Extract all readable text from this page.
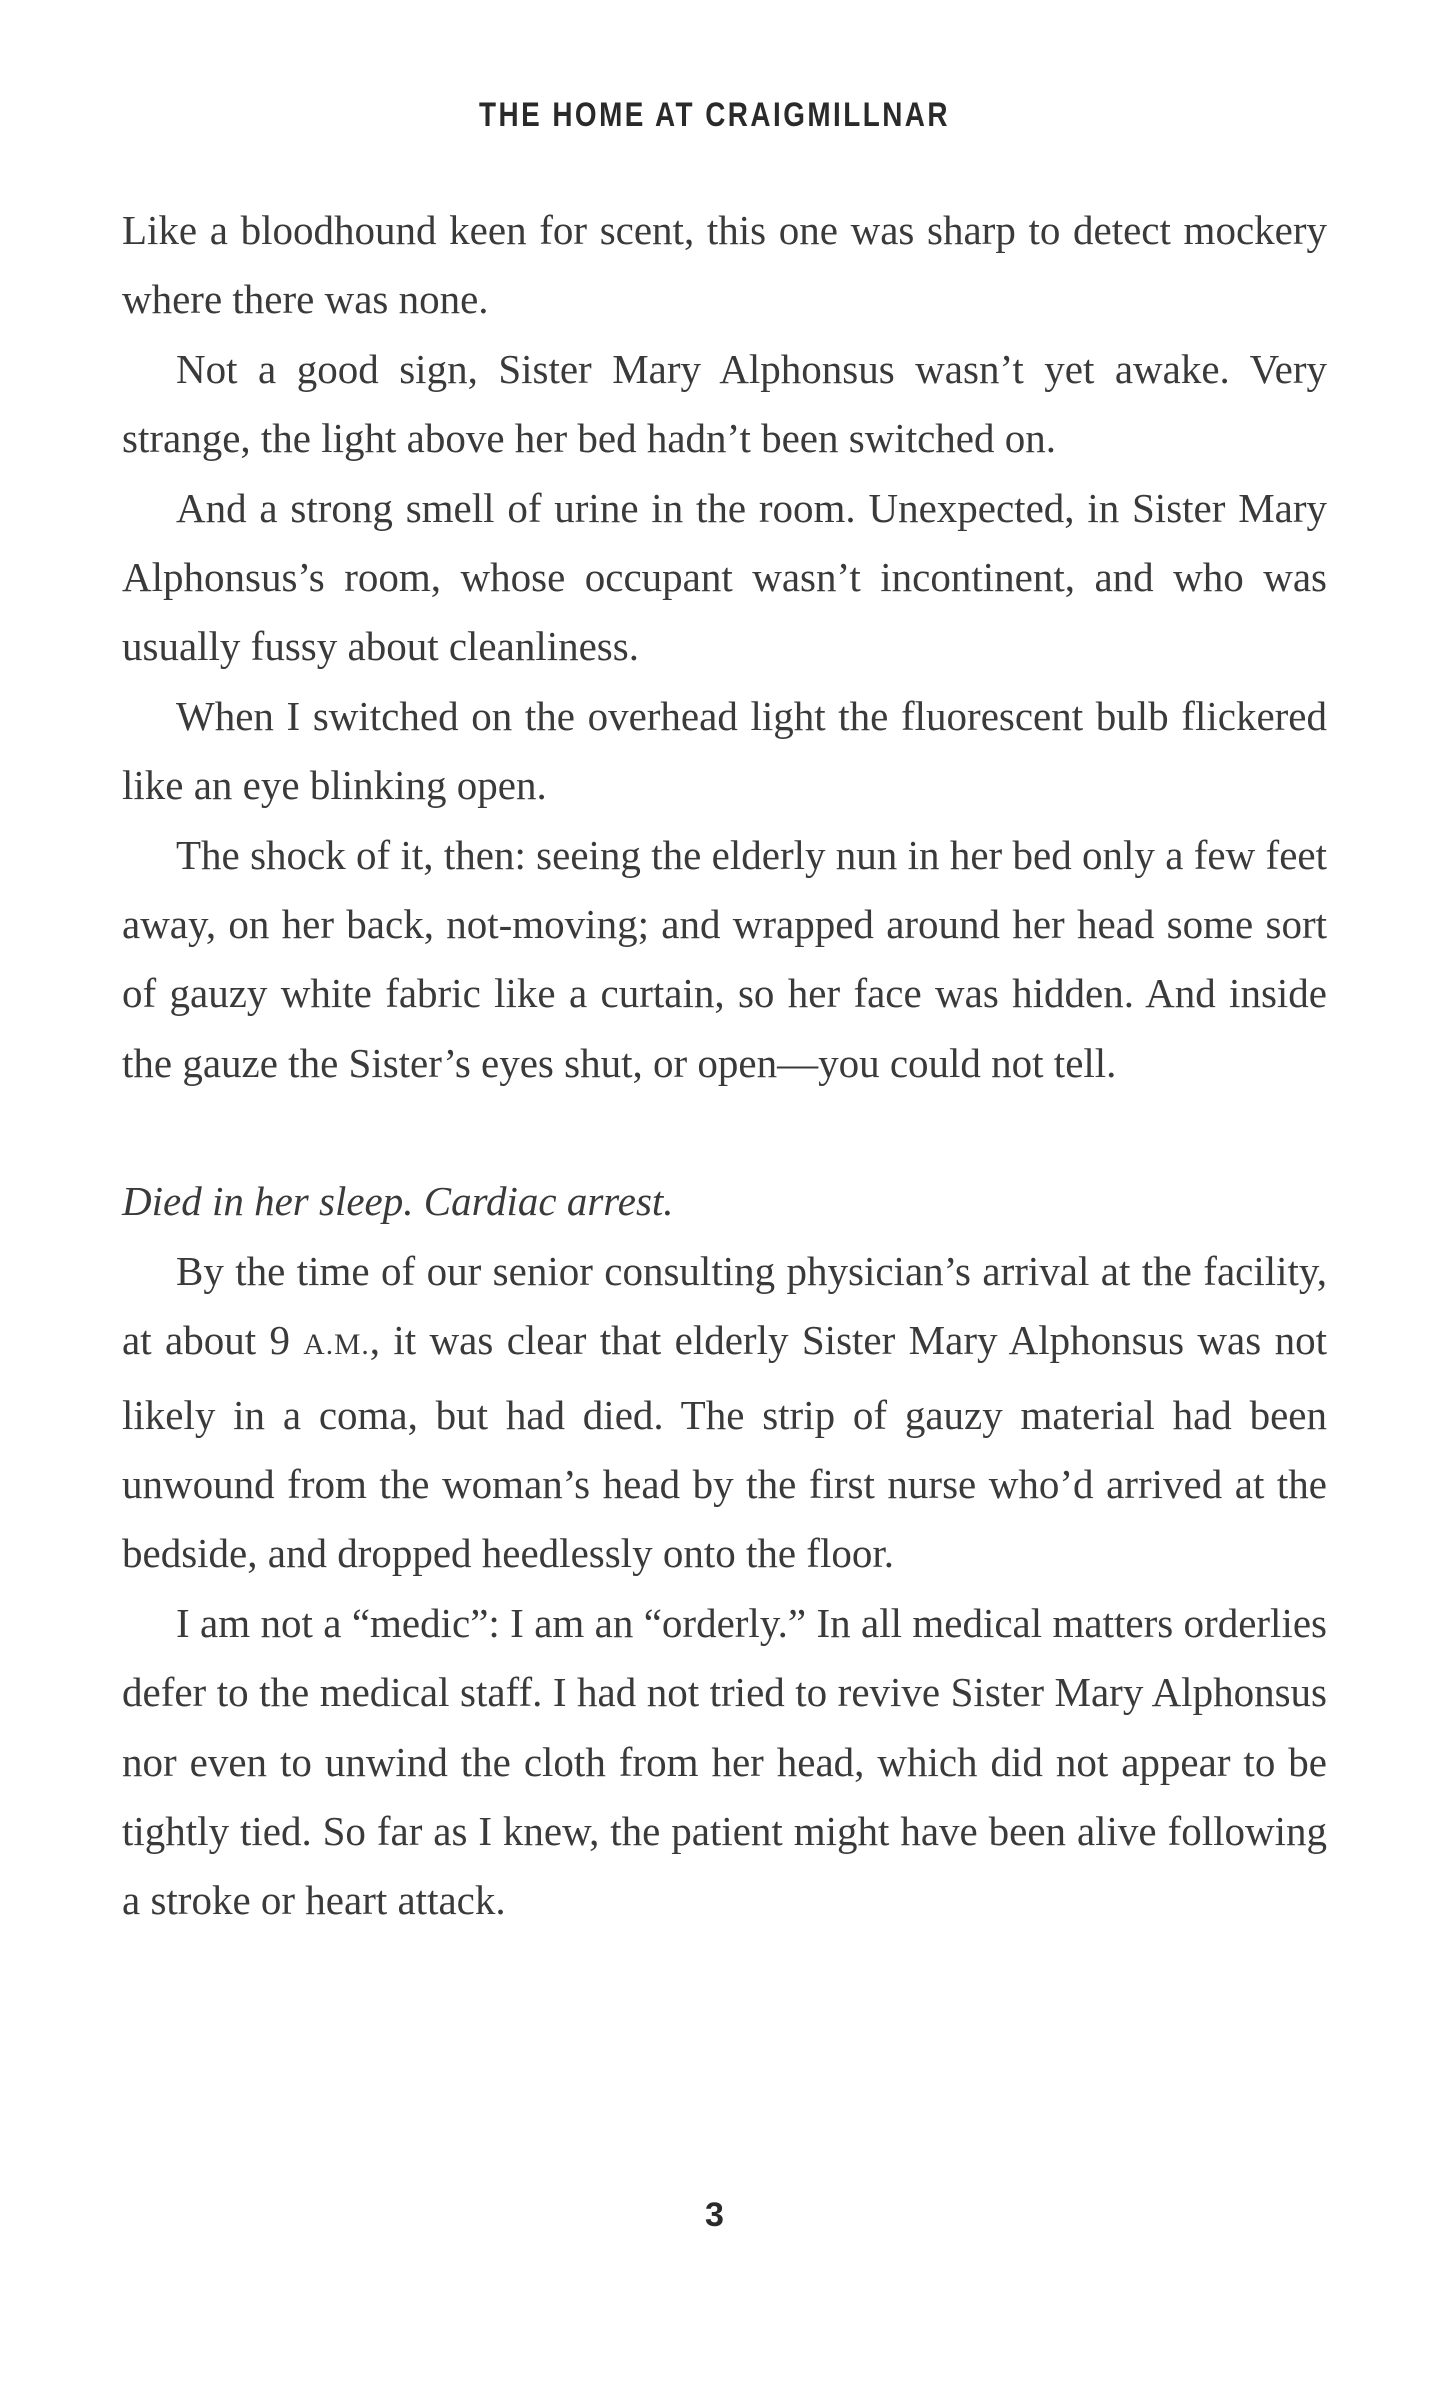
THE HOME AT CRAIGMILLNAR

Like a bloodhound keen for scent, this one was sharp to detect mockery where there was none.

Not a good sign, Sister Mary Alphonsus wasn’t yet awake. Very strange, the light above her bed hadn’t been switched on.

And a strong smell of urine in the room. Unexpected, in Sister Mary Alphonsus’s room, whose occupant wasn’t incontinent, and who was usually fussy about cleanliness.

When I switched on the overhead light the fluorescent bulb flickered like an eye blinking open.

The shock of it, then: seeing the elderly nun in her bed only a few feet away, on her back, not-moving; and wrapped around her head some sort of gauzy white fabric like a curtain, so her face was hidden. And inside the gauze the Sister’s eyes shut, or open—you could not tell.

Died in her sleep. Cardiac arrest.

By the time of our senior consulting physician’s arrival at the facility, at about 9 A.M., it was clear that elderly Sister Mary Alphonsus was not likely in a coma, but had died. The strip of gauzy material had been unwound from the woman’s head by the first nurse who’d arrived at the bedside, and dropped heedlessly onto the floor.

I am not a “medic”: I am an “orderly.” In all medical matters orderlies defer to the medical staff. I had not tried to revive Sister Mary Alphonsus nor even to unwind the cloth from her head, which did not appear to be tightly tied. So far as I knew, the patient might have been alive following a stroke or heart attack.

3
